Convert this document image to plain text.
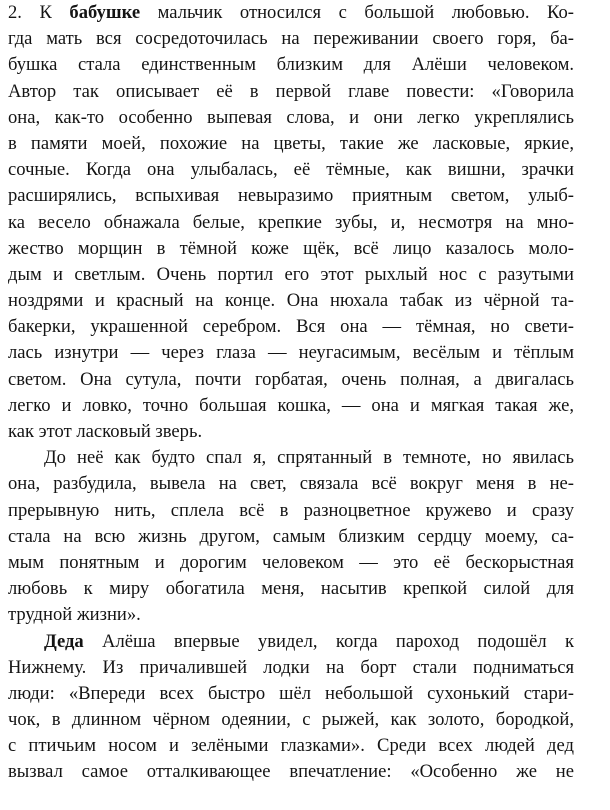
2. К бабушке мальчик относился с большой любовью. Ко-
гда мать вся сосредоточилась на переживании своего горя, ба-
бушка стала единственным близким для Алёши человеком.
Автор так описывает её в первой главе повести: «Говорила
она, как-то особенно выпевая слова, и они легко укреплялись
в памяти моей, похожие на цветы, такие же ласковые, яркие,
сочные. Когда она улыбалась, её тёмные, как вишни, зрачки
расширялись, вспыхивая невыразимо приятным светом, улыб-
ка весело обнажала белые, крепкие зубы, и, несмотря на мно-
жество морщин в тёмной коже щёк, всё лицо казалось моло-
дым и светлым. Очень портил его этот рыхлый нос с разутыми
ноздрями и красный на конце. Она нюхала табак из чёрной та-
бакерки, украшенной серебром. Вся она — тёмная, но свети-
лась изнутри — через глаза — неугасимым, весёлым и тёплым
светом. Она сутула, почти горбатая, очень полная, а двигалась
легко и ловко, точно большая кошка, — она и мягкая такая же,
как этот ласковый зверь.
До неё как будто спал я, спрятанный в темноте, но явилась
она, разбудила, вывела на свет, связала всё вокруг меня в не-
прерывную нить, сплела всё в разноцветное кружево и сразу
стала на всю жизнь другом, самым близким сердцу моему, са-
мым понятным и дорогим человеком — это её бескорыстная
любовь к миру обогатила меня, насытив крепкой силой для
трудной жизни».
Деда Алёша впервые увидел, когда пароход подошёл к
Нижнему. Из причалившей лодки на борт стали подниматься
люди: «Впереди всех быстро шёл небольшой сухонький стари-
чок, в длинном чёрном одеянии, с рыжей, как золото, бородкой,
с птичьим носом и зелёными глазками». Среди всех людей дед
вызвал самое отталкивающее впечатление: «Особенно же не
